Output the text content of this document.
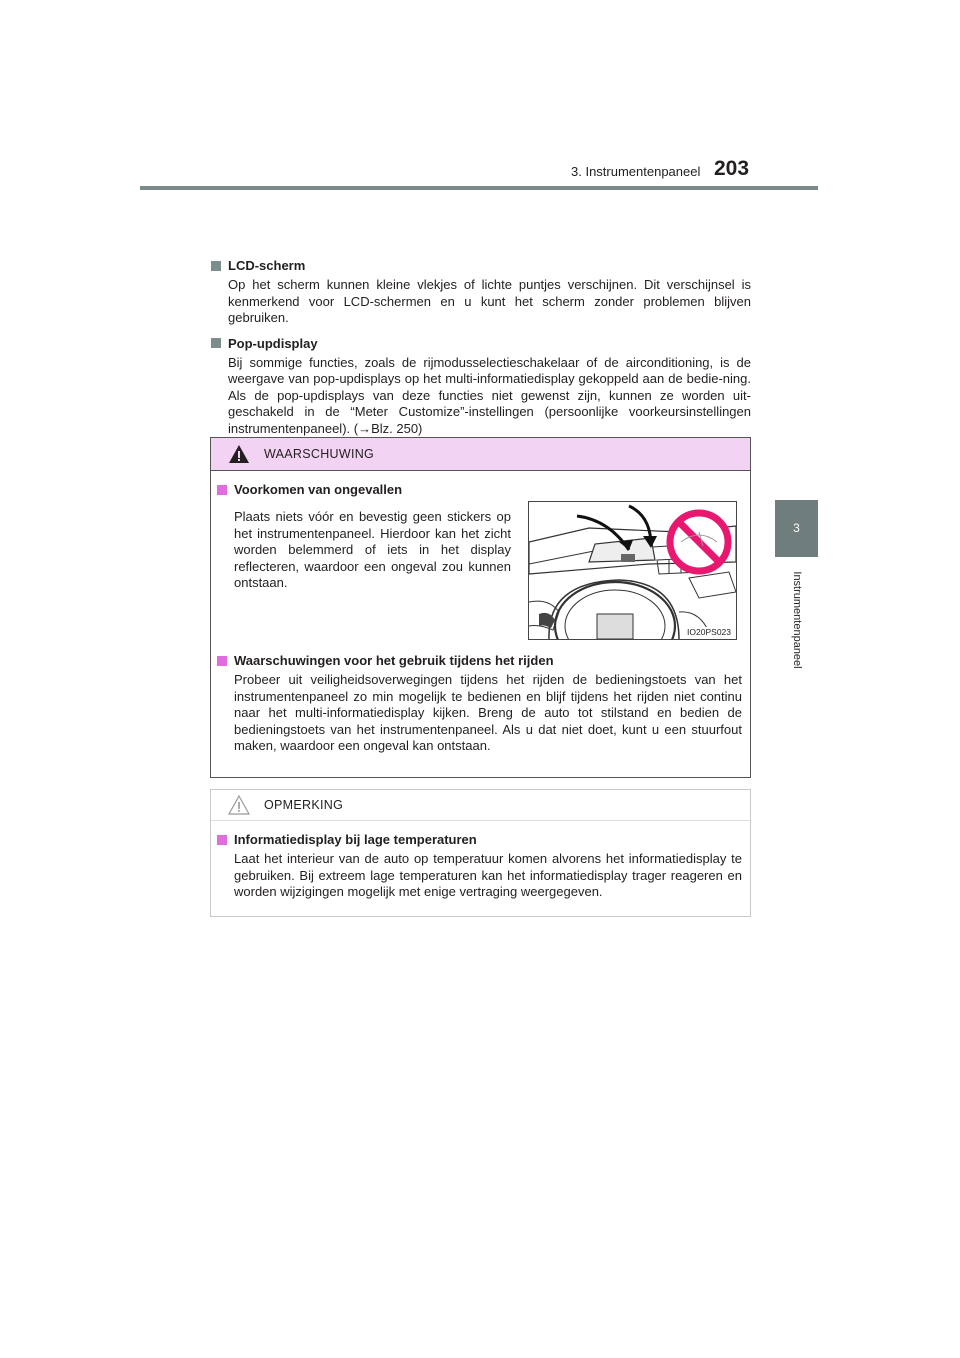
3. Instrumentenpaneel 203
3
Instrumentenpaneel
LCD-scherm
Op het scherm kunnen kleine vlekjes of lichte puntjes verschijnen. Dit verschijnsel is kenmerkend voor LCD-schermen en u kunt het scherm zonder problemen blijven gebruiken.
Pop-updisplay
Bij sommige functies, zoals de rijmodusselectieschakelaar of de airconditioning, is de weergave van pop-updisplays op het multi-informatiedisplay gekoppeld aan de bedie-ning. Als de pop-updisplays van deze functies niet gewenst zijn, kunnen ze worden uit-geschakeld in de “Meter Customize”-instellingen (persoonlijke voorkeursinstellingen instrumentenpaneel). (→Blz. 250)
WAARSCHUWING
Voorkomen van ongevallen
Plaats niets vóór en bevestig geen stickers op het instrumentenpaneel. Hierdoor kan het zicht worden belemmerd of iets in het display reflecteren, waardoor een ongeval zou kunnen ontstaan.
IO20PS023
Waarschuwingen voor het gebruik tijdens het rijden
Probeer uit veiligheidsoverwegingen tijdens het rijden de bedieningstoets van het instrumentenpaneel zo min mogelijk te bedienen en blijf tijdens het rijden niet continu naar het multi-informatiedisplay kijken. Breng de auto tot stilstand en bedien de bedieningstoets van het instrumentenpaneel. Als u dat niet doet, kunt u een stuurfout maken, waardoor een ongeval kan ontstaan.
OPMERKING
Informatiedisplay bij lage temperaturen
Laat het interieur van de auto op temperatuur komen alvorens het informatiedisplay te gebruiken. Bij extreem lage temperaturen kan het informatiedisplay trager reageren en worden wijzigingen mogelijk met enige vertraging weergegeven.
